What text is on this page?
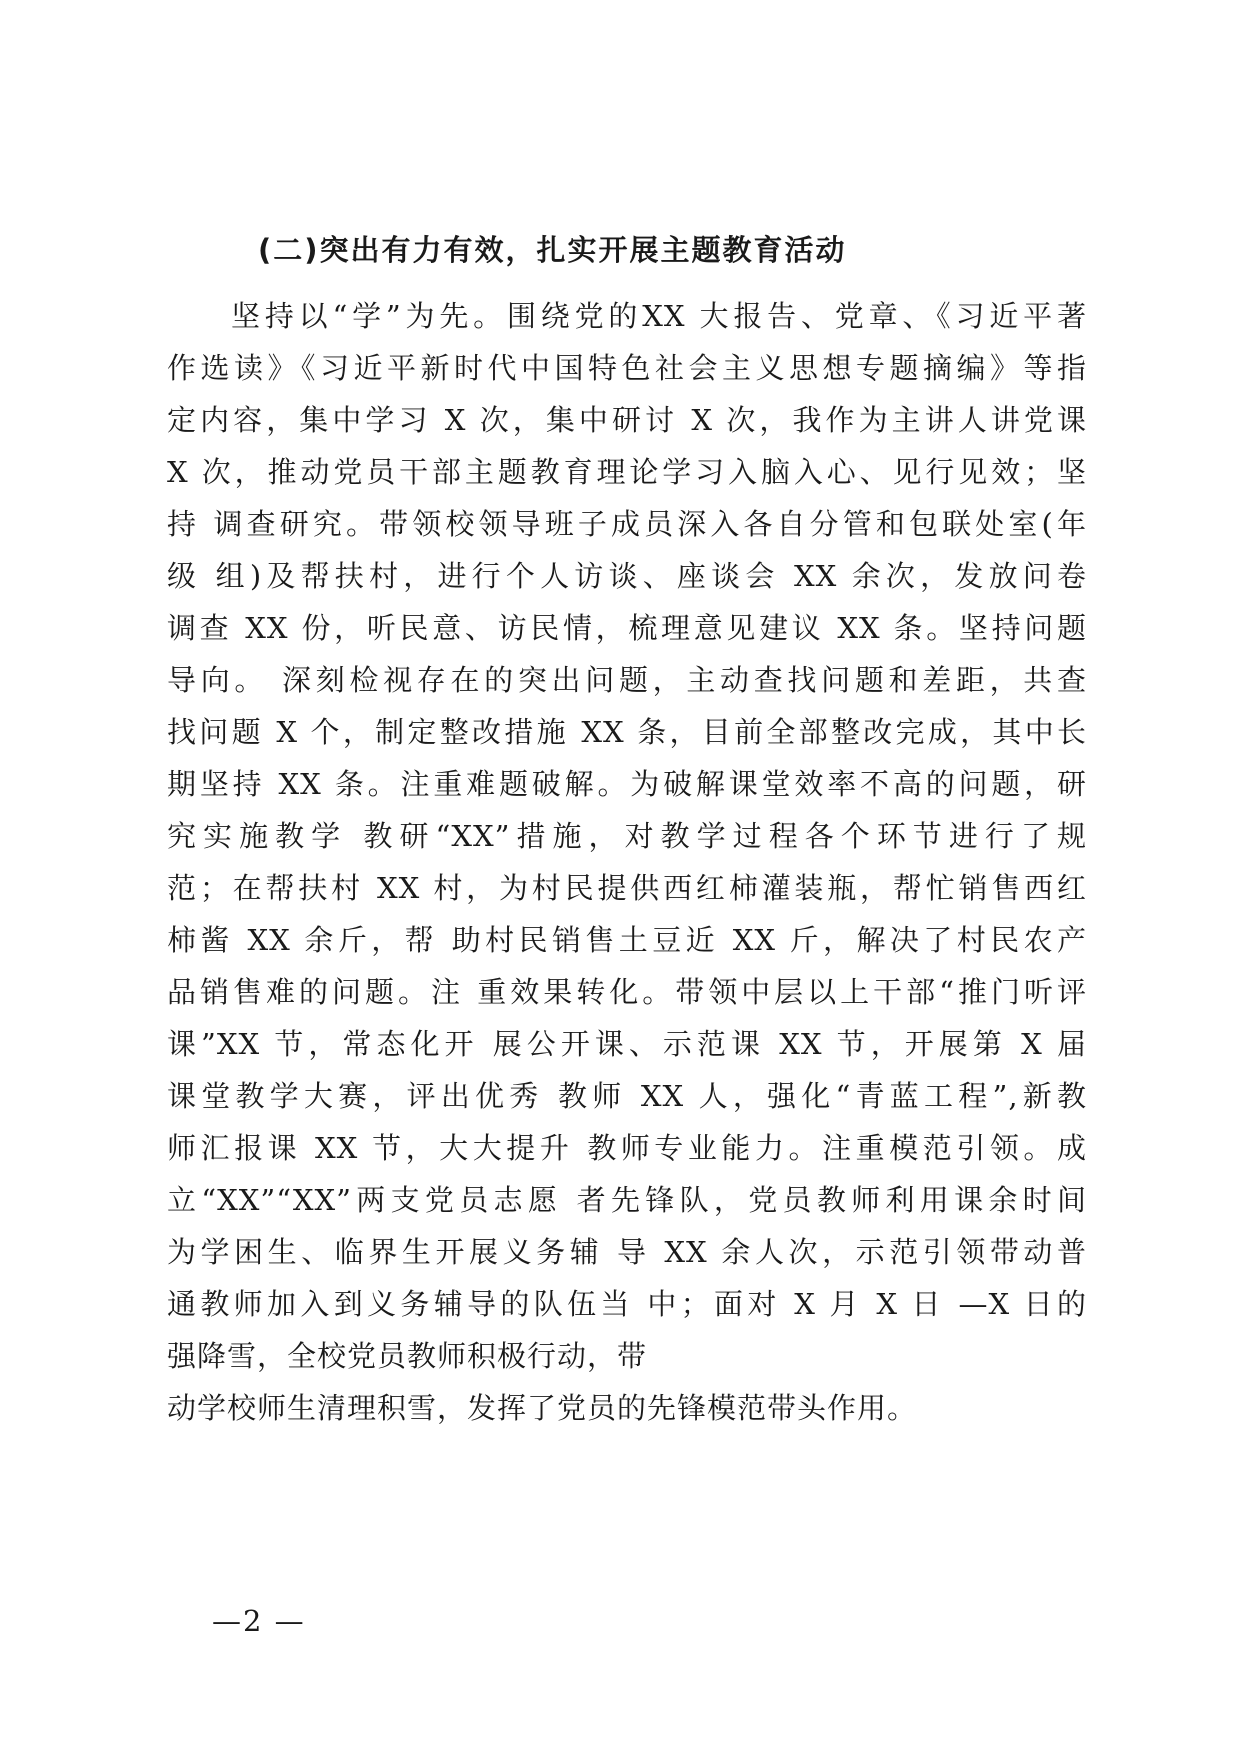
(二)突出有力有效，扎实开展主题教育活动
坚持以“学”为先。围绕党的XX 大报告、党章、《习近平著
作选读》《习近平新时代中国特色社会主义思想专题摘编》等指
定内容，集中学习 X 次，集中研讨 X 次，我作为主讲人讲党课
X 次，推动党员干部主题教育理论学习入脑入心、见行见效；坚
持 调查研究。带领校领导班子成员深入各自分管和包联处室(年
级 组)及帮扶村，进行个人访谈、座谈会 XX 余次，发放问卷
调查 XX 份，听民意、访民情，梳理意见建议 XX 条。坚持问题
导向。 深刻检视存在的突出问题，主动查找问题和差距，共查
找问题 X 个，制定整改措施 XX 条，目前全部整改完成，其中长
期坚持 XX 条。注重难题破解。为破解课堂效率不高的问题，研
究实施教学 教研“XX”措施，对教学过程各个环节进行了规
范；在帮扶村 XX 村，为村民提供西红柿灌装瓶，帮忙销售西红
柿酱 XX 余斤，帮 助村民销售土豆近 XX 斤，解决了村民农产
品销售难的问题。注 重效果转化。带领中层以上干部“推门听评
课”XX 节，常态化开 展公开课、示范课 XX 节，开展第 X 届
课堂教学大赛，评出优秀 教师 XX 人，强化“青蓝工程”,新教
师汇报课 XX 节，大大提升 教师专业能力。注重模范引领。成
立“XX”“XX”两支党员志愿 者先锋队，党员教师利用课余时间
为学困生、临界生开展义务辅 导 XX 余人次，示范引领带动普
通教师加入到义务辅导的队伍当 中；面对 X 月 X 日 —X 日的
强降雪，全校党员教师积极行动，带
动学校师生清理积雪，发挥了党员的先锋模范带头作用。
—2 —
